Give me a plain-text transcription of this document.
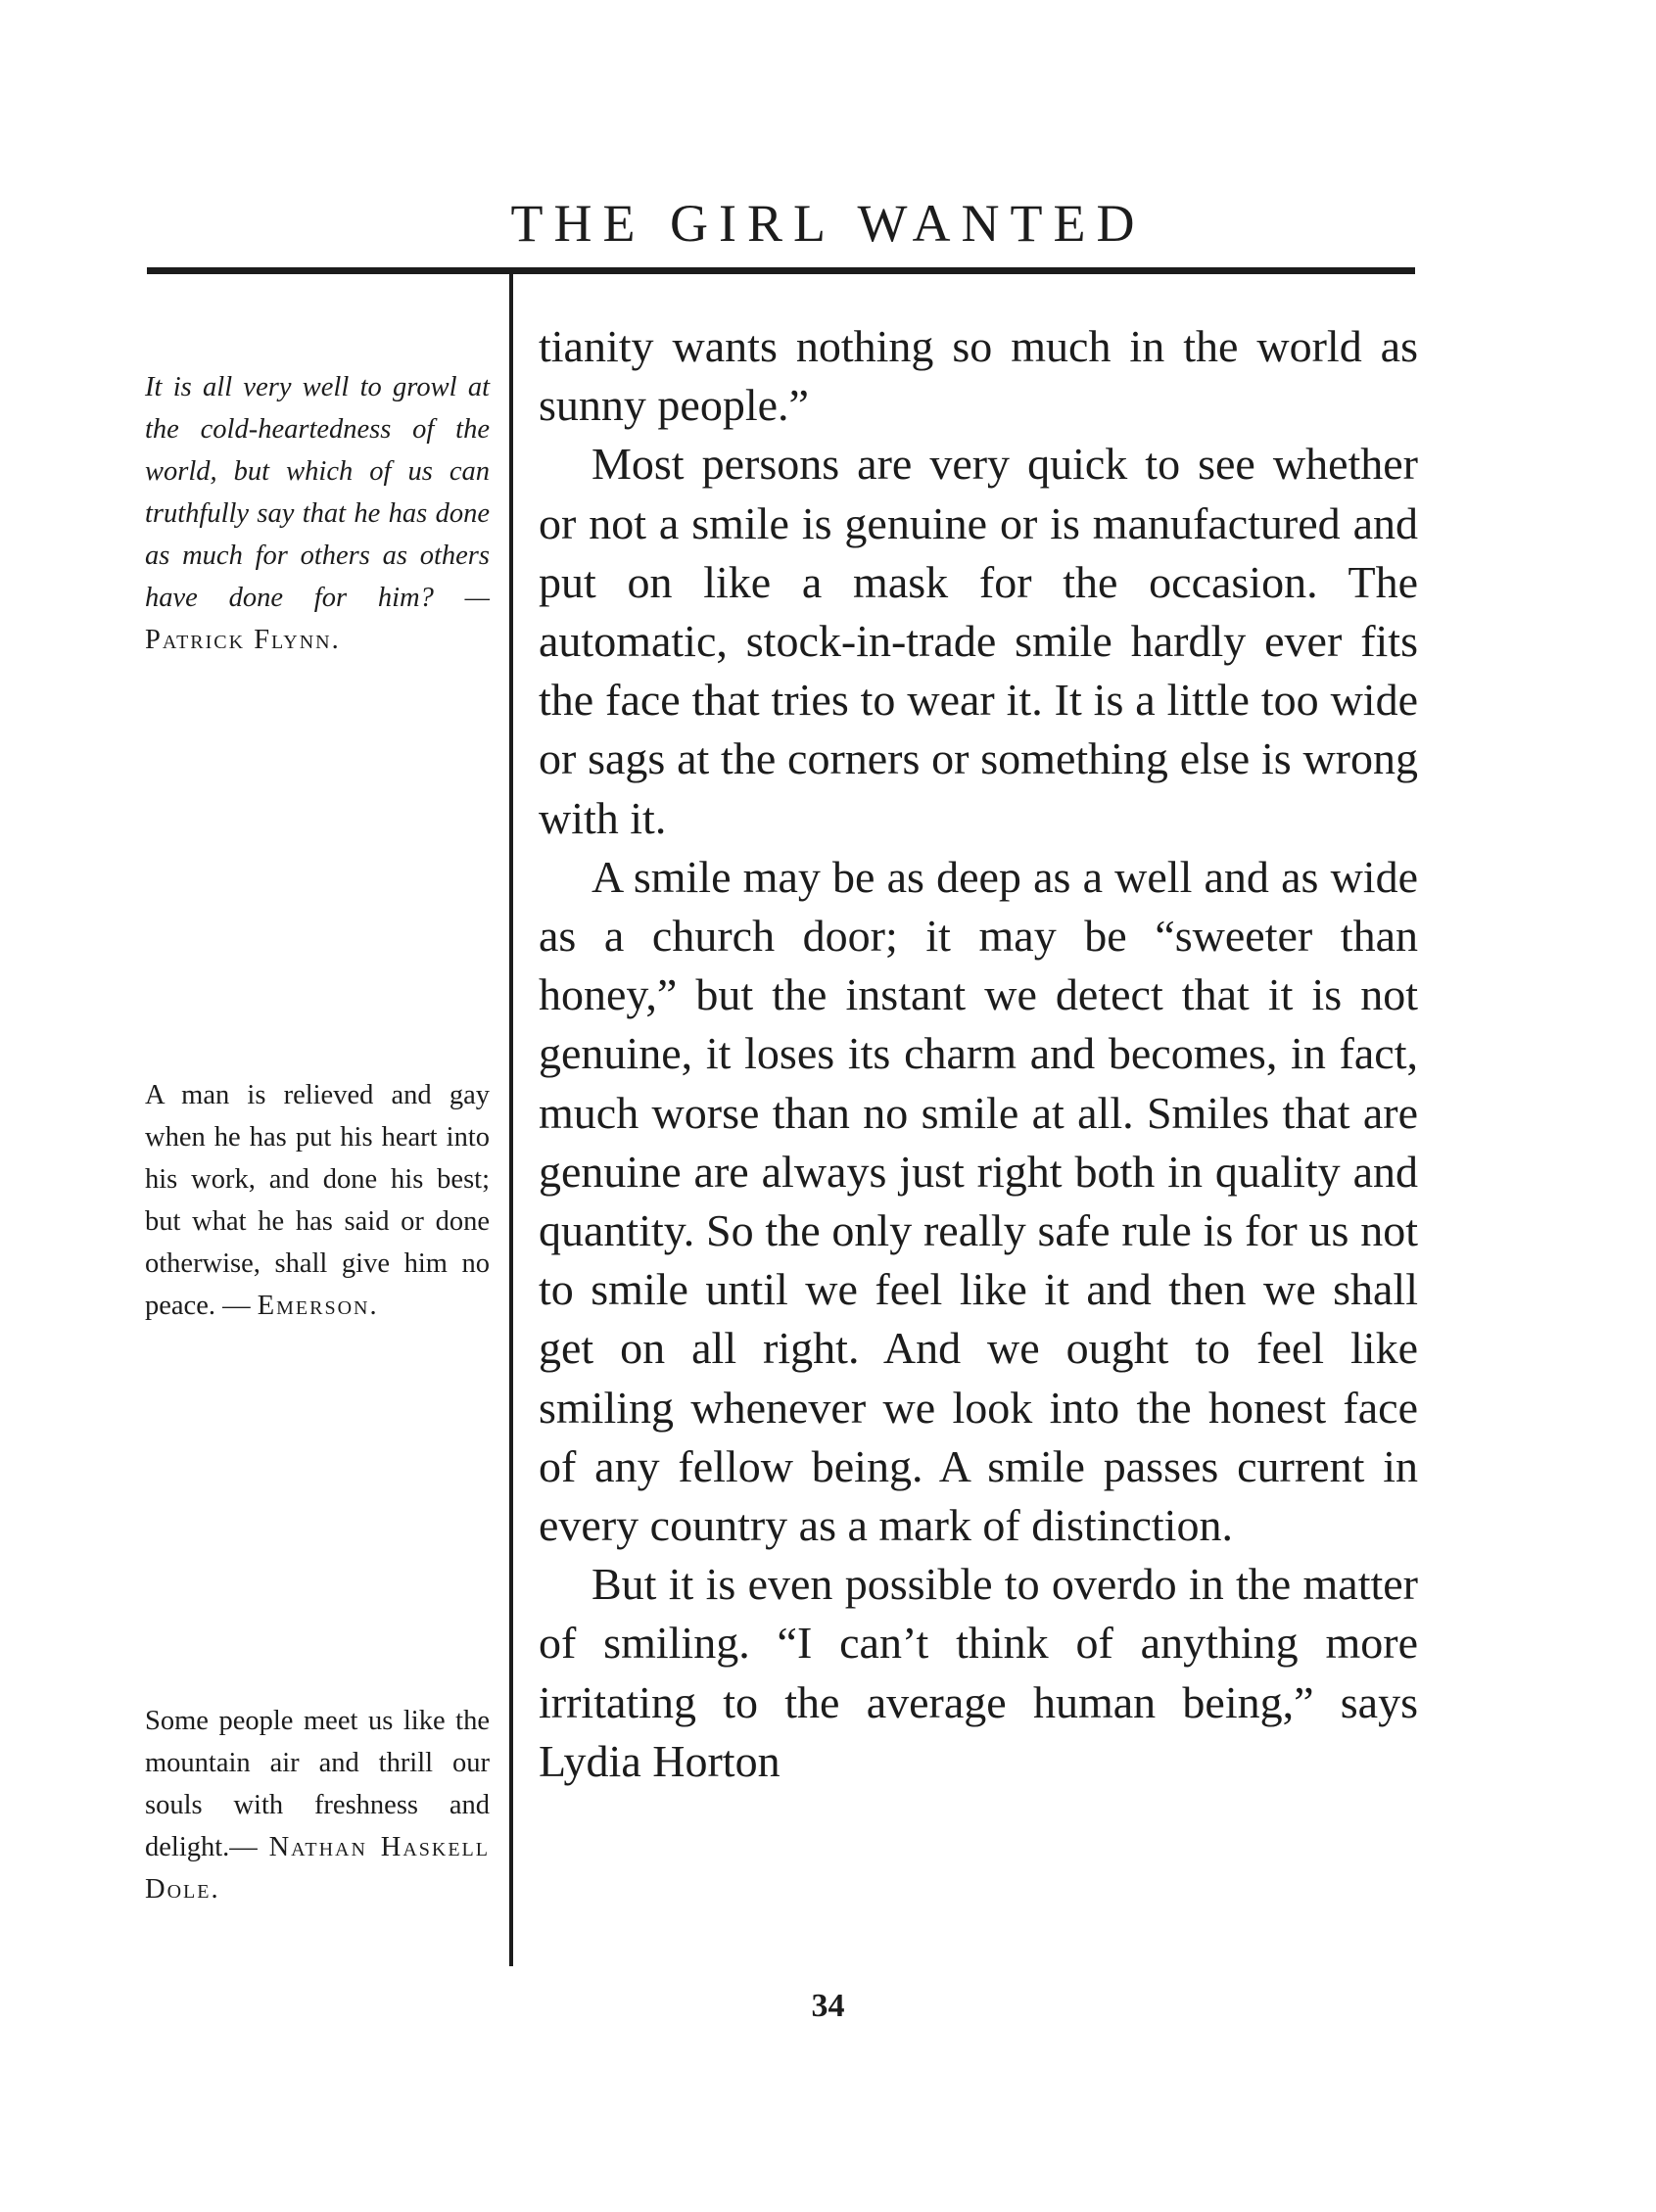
THE GIRL WANTED
It is all very well to growl at the cold-heartedness of the world, but which of us can truthfully say that he has done as much for others as others have done for him? — Patrick Flynn.
A man is relieved and gay when he has put his heart into his work, and done his best; but what he has said or done otherwise, shall give him no peace. — Emerson.
Some people meet us like the mountain air and thrill our souls with freshness and delight.— Nathan Haskell Dole.

tianity wants nothing so much in the world as sunny people.”

Most persons are very quick to see whether or not a smile is genuine or is manufactured and put on like a mask for the occasion. The automatic, stock-in-trade smile hardly ever fits the face that tries to wear it. It is a little too wide or sags at the corners or something else is wrong with it.

A smile may be as deep as a well and as wide as a church door; it may be “sweeter than honey,” but the instant we detect that it is not genuine, it loses its charm and becomes, in fact, much worse than no smile at all. Smiles that are genuine are always just right both in quality and quantity. So the only really safe rule is for us not to smile until we feel like it and then we shall get on all right. And we ought to feel like smiling whenever we look into the honest face of any fellow being. A smile passes current in every country as a mark of distinction.

But it is even possible to overdo in the matter of smiling. “I can’t think of anything more irritating to the average human being,” says Lydia Horton

34
